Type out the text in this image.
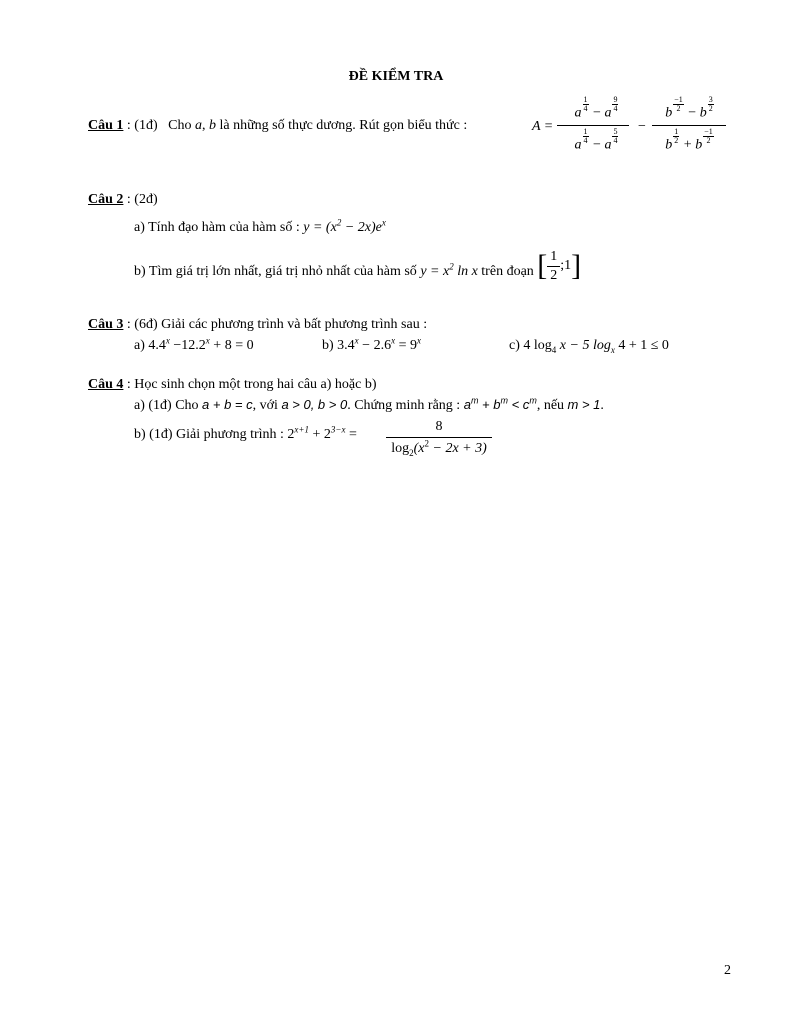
ĐỀ KIỂM TRA
Câu 1 : (1đ) Cho a, b là những số thực dương. Rút gọn biểu thức :	A =
a
$\frac{1}{4}$
− a
$\frac{9}{4}$
a
$\frac{1}{4}$
− a
$\frac{5}{4}$
−
b
$\frac{-1}{2}$
− b
$\frac{3}{2}$
b
$\frac{1}{2}$
+ b
$\frac{-1}{2}$
Câu 2 : (2đ)
a) Tính đạo hàm của hàm số : $y = (x^2 - 2x)e^x$
b) Tìm giá trị lớn nhất, giá trị nhỏ nhất của hàm số $y = x^2$ ln x trên đoạn [ $\frac{1}{2}$ ;1]
Câu 3 : (6đ) Giải các phương trình và bất phương trình sau :
a) $4.4^x -12.2^x + 8 = 0$	b) $3.4^x - 2.6^x = 9^x$	c) 4 $\log_4 x - 5$ $\log_x 4 + 1 \le 0$
Câu 4 : Học sinh chọn một trong hai câu a) hoặc b)
a) (1đ) Cho a + b = c, với a > 0, b > 0. Chứng minh rằng : $a^m + b^m < c^m$, nếu m > 1.
b) (1đ) Giải phương trình : $2^{x+1} + 2^{3-x} = \frac{8}{\log_2(x^2 - 2x + 3)}$
2
